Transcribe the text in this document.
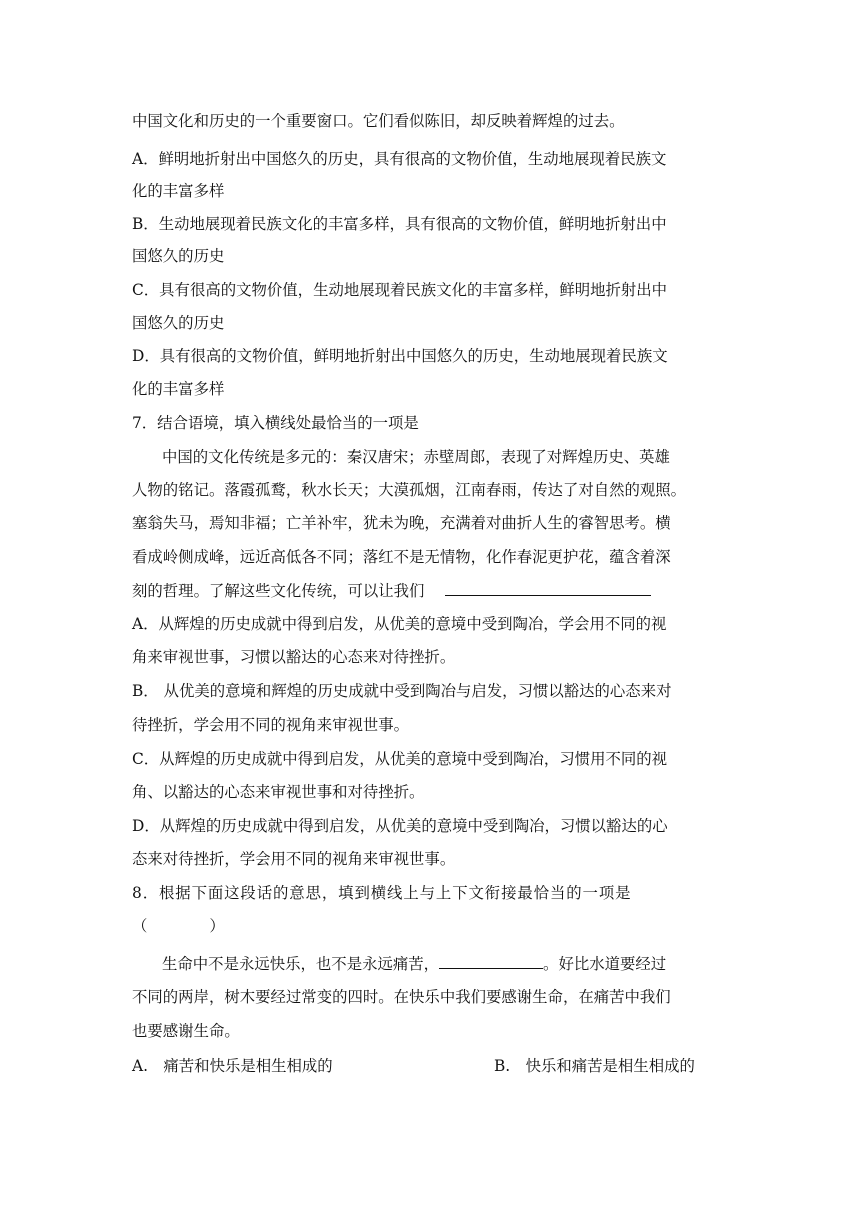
中国文化和历史的一个重要窗口。它们看似陈旧，却反映着辉煌的过去。
A．鲜明地折射出中国悠久的历史，具有很高的文物价值，生动地展现着民族文
化的丰富多样
B．生动地展现着民族文化的丰富多样，具有很高的文物价值，鲜明地折射出中
国悠久的历史
C．具有很高的文物价值，生动地展现着民族文化的丰富多样，鲜明地折射出中
国悠久的历史
D．具有很高的文物价值，鲜明地折射出中国悠久的历史，生动地展现着民族文
化的丰富多样
7．结合语境，填入横线处最恰当的一项是
中国的文化传统是多元的：秦汉唐宋；赤壁周郎，表现了对辉煌历史、英雄
人物的铭记。落霞孤鹜，秋水长天；大漠孤烟，江南春雨，传达了对自然的观照。
塞翁失马，焉知非福；亡羊补牢，犹未为晚，充满着对曲折人生的睿智思考。横
看成岭侧成峰，远近高低各不同；落红不是无情物，化作春泥更护花，蕴含着深
刻的哲理。了解这些文化传统，可以让我们
A．从辉煌的历史成就中得到启发，从优美的意境中受到陶冶，学会用不同的视
角来审视世事，习惯以豁达的心态来对待挫折。
B． 从优美的意境和辉煌的历史成就中受到陶冶与启发，习惯以豁达的心态来对
待挫折，学会用不同的视角来审视世事。
C．从辉煌的历史成就中得到启发，从优美的意境中受到陶冶，习惯用不同的视
角、以豁达的心态来审视世事和对待挫折。
D．从辉煌的历史成就中得到启发，从优美的意境中受到陶冶，习惯以豁达的心
态来对待挫折，学会用不同的视角来审视世事。
8．根据下面这段话的意思，填到横线上与上下文衔接最恰当的一项是
（	）
生命中不是永远快乐，也不是永远痛苦，	。好比水道要经过
不同的两岸，树木要经过常变的四时。在快乐中我们要感谢生命，在痛苦中我们
也要感谢生命。
A.　痛苦和快乐是相生相成的	B.　快乐和痛苦是相生相成的
